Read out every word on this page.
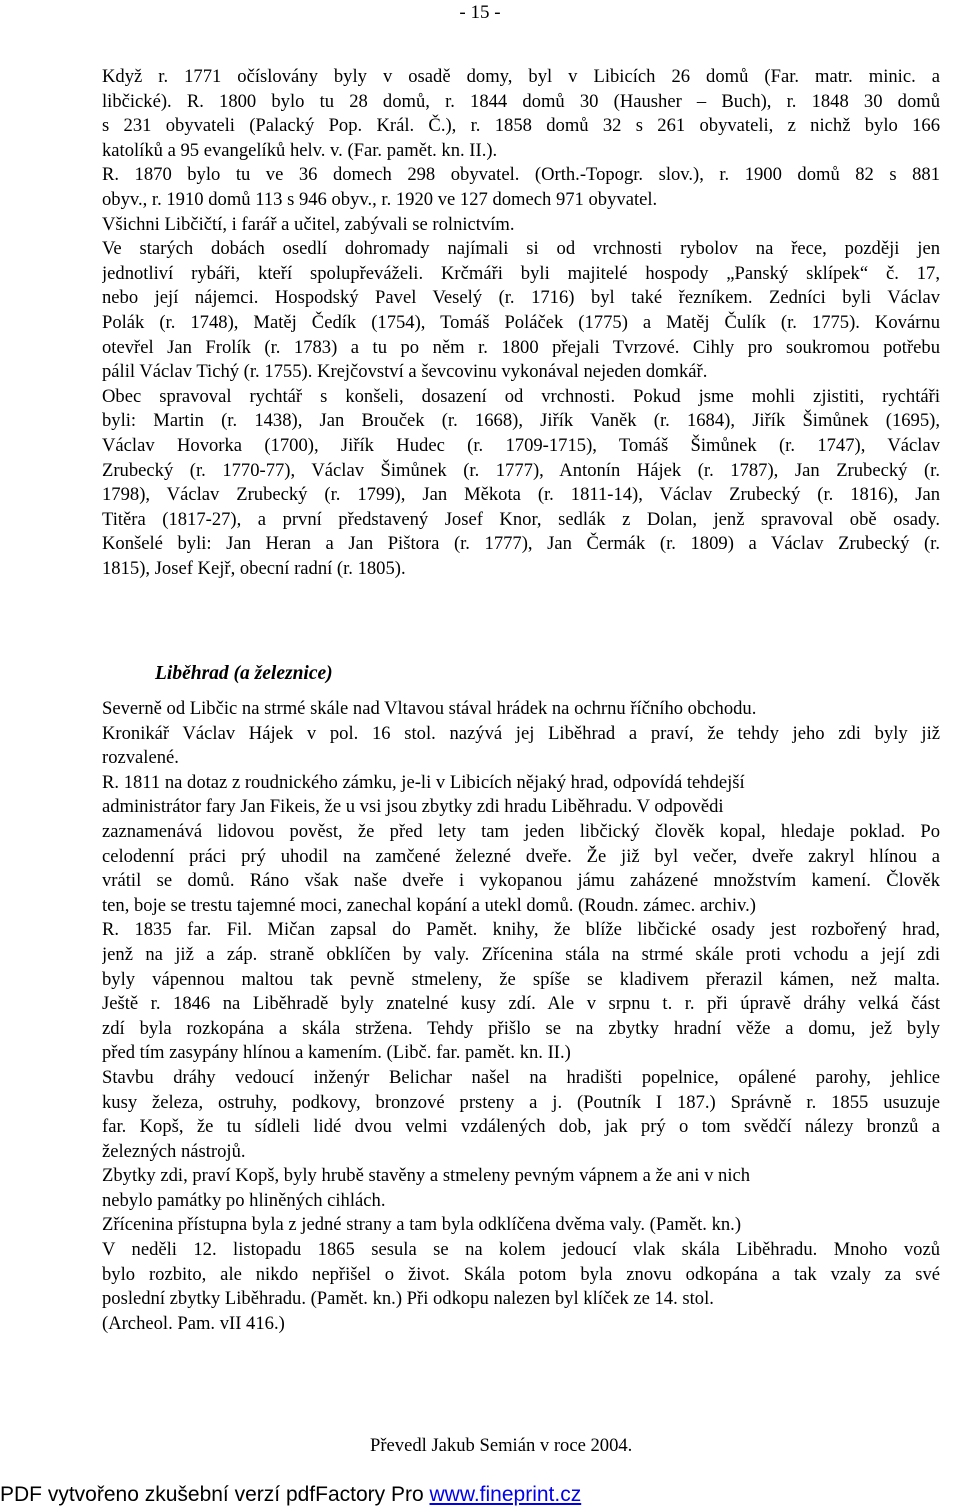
- 15 -
Když r. 1771 očíslovány byly v osadě domy, byl v Libicích 26 domů (Far. matr. minic. a
libčické). R. 1800 bylo tu 28 domů, r. 1844 domů 30 (Hausher – Buch), r. 1848 30 domů
s 231 obyvateli (Palacký Pop. Král. Č.), r. 1858 domů 32 s 261 obyvateli, z nichž bylo 166
katolíků a 95 evangelíků helv. v. (Far. pamět. kn. II.).
R. 1870 bylo tu ve 36 domech 298 obyvatel. (Orth.-Topogr. slov.), r. 1900 domů 82 s 881
obyv., r. 1910 domů 113 s 946 obyv., r. 1920 ve 127 domech 971 obyvatel.
Všichni Libčičtí, i farář a učitel, zabývali se rolnictvím.
Ve starých dobách osedlí dohromady najímali si od vrchnosti rybolov na řece, později jen
jednotliví rybáři, kteří spolupřeváželi. Krčmáři byli majitelé hospody „Panský sklípek“ č. 17,
nebo její nájemci. Hospodský Pavel Veselý (r. 1716) byl také řezníkem. Zedníci byli Václav
Polák (r. 1748), Matěj Čedík (1754), Tomáš Poláček (1775) a Matěj Čulík (r. 1775). Kovárnu
otevřel Jan Frolík (r. 1783) a tu po něm r. 1800 přejali Tvrzové. Cihly pro soukromou potřebu
pálil Václav Tichý (r. 1755). Krejčovství a ševcovinu vykonával nejeden domkář.
Obec spravoval rychtář s konšeli, dosazení od vrchnosti. Pokud jsme mohli zjistiti, rychtáři
byli: Martin (r. 1438), Jan Brouček (r. 1668), Jiřík Vaněk (r. 1684), Jiřík Šimůnek (1695),
Václav Hovorka (1700), Jiřík Hudec (r. 1709-1715), Tomáš Šimůnek (r. 1747), Václav
Zrubecký (r. 1770-77), Václav Šimůnek (r. 1777), Antonín Hájek (r. 1787), Jan Zrubecký (r.
1798), Václav Zrubecký (r. 1799), Jan Měkota (r. 1811-14), Václav Zrubecký (r. 1816), Jan
Titěra (1817-27), a první představený Josef Knor, sedlák z Dolan, jenž spravoval obě osady.
Konšelé byli: Jan Heran a Jan Pištora (r. 1777), Jan Čermák (r. 1809) a Václav Zrubecký (r.
1815), Josef Kejř, obecní radní (r. 1805).
Liběhrad (a železnice)
Severně od Libčic na strmé skále nad Vltavou stával hrádek na ochrnu říčního obchodu.
Kronikář Václav Hájek v pol. 16 stol. nazývá jej Liběhrad a praví, že tehdy jeho zdi byly již
rozvalené.
R. 1811 na dotaz z roudnického zámku, je-li v Libicích nějaký hrad, odpovídá tehdejší
administrátor fary Jan Fikeis, že u vsi jsou zbytky zdi hradu Liběhradu. V odpovědi
zaznamenává lidovou pověst, že před lety tam jeden libčický člověk kopal, hledaje poklad. Po
celodenní práci prý uhodil na zamčené železné dveře. Že již byl večer, dveře zakryl hlínou a
vrátil se domů. Ráno však naše dveře i vykopanou jámu zaházené množstvím kamení. Člověk
ten, boje se trestu tajemné moci, zanechal kopání a utekl domů. (Roudn. zámec. archiv.)
R. 1835 far. Fil. Mičan zapsal do Pamět. knihy, že blíže libčické osady jest rozbořený hrad,
jenž na již a záp. straně obklíčen by valy. Zřícenina stála na strmé skále proti vchodu a její zdi
byly vápennou maltou tak pevně stmeleny, že spíše se kladivem přerazil kámen, než malta.
Ještě r. 1846 na Liběhradě byly znatelné kusy zdí. Ale v srpnu t. r. při úpravě dráhy velká část
zdí byla rozkopána a skála stržena. Tehdy přišlo se na zbytky hradní věže a domu, jež byly
před tím zasypány hlínou a kamením. (Libč. far. pamět. kn. II.)
Stavbu dráhy vedoucí inženýr Belichar našel na hradišti popelnice, opálené parohy, jehlice
kusy železa, ostruhy, podkovy, bronzové prsteny a j. (Poutník I 187.) Správně r. 1855 usuzuje
far. Kopš, že tu sídleli lidé dvou velmi vzdálených dob, jak prý o tom svědčí nálezy bronzů a
železných nástrojů.
Zbytky zdi, praví Kopš, byly hrubě stavěny a stmeleny pevným vápnem a že ani v nich
nebylo památky po hliněných cihlách.
Zřícenina přístupna byla z jedné strany a tam byla odklíčena dvěma valy. (Pamět. kn.)
V neděli 12. listopadu 1865 sesula se na kolem jedoucí vlak skála Liběhradu. Mnoho vozů
bylo rozbito, ale nikdo nepřišel o život. Skála potom byla znovu odkopána a tak vzaly za své
poslední zbytky Liběhradu. (Pamět. kn.) Při odkopu nalezen byl klíček ze 14. stol.
(Archeol. Pam. vII 416.)
Převedl Jakub Semián v roce 2004.
PDF vytvořeno zkušební verzí pdfFactory Pro www.fineprint.cz
